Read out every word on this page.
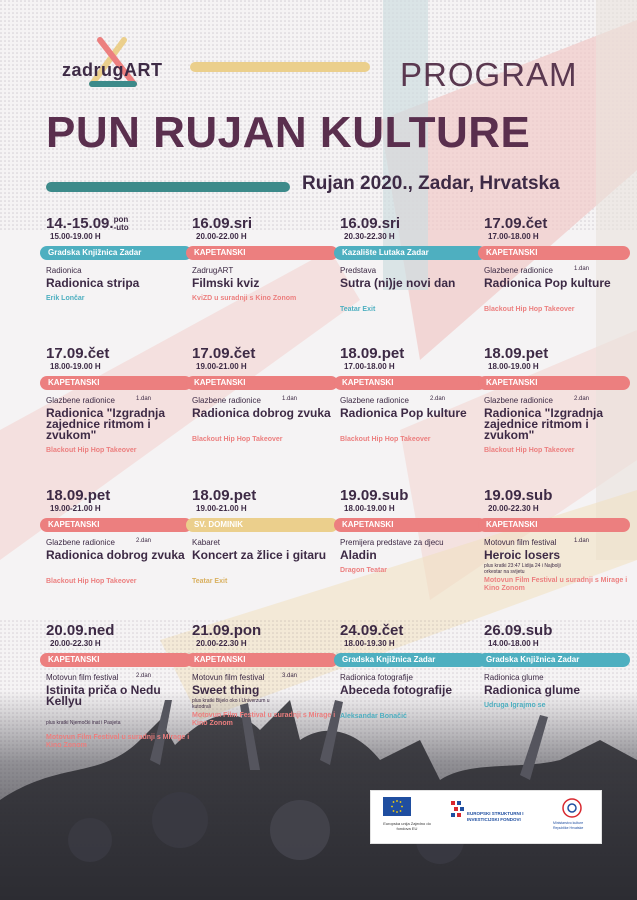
zadrugART	PROGRAM
PUN RUJAN KULTURE
Rujan 2020., Zadar, Hrvatska
14.-15.09.pon
-uto
15.00-19.00 H
Gradska Knjižnica Zadar
Radionica
Radionica stripa
Erik Lončar
16.09.sri
20.00-22.00 H
KAPETANSKI
ZadrugART
Filmski kviz
KviZD u suradnji s Kino Zonom
16.09.sri
20.30-22.30 H
Kazalište Lutaka Zadar
Predstava
Sutra (ni)je novi dan
Teatar Exit
17.09.čet
17.00-18.00 H
KAPETANSKI
Glazbene radionice	1.dan
Radionica Pop kulture
Blackout Hip Hop Takeover
17.09.čet
18.00-19.00 H
KAPETANSKI
Glazbene radionice	1.dan
Radionica "Izgradnja zajednice ritmom i zvukom"
Blackout Hip Hop Takeover
17.09.čet
19.00-21.00 H
KAPETANSKI
Glazbene radionice	1.dan
Radionica dobrog zvuka
Blackout Hip Hop Takeover
18.09.pet
17.00-18.00 H
KAPETANSKI
Glazbene radionice	2.dan
Radionica Pop kulture
Blackout Hip Hop Takeover
18.09.pet
18.00-19.00 H
KAPETANSKI
Glazbene radionice	2.dan
Radionica "Izgradnja zajednice ritmom i zvukom"
Blackout Hip Hop Takeover
18.09.pet
19.00-21.00 H
KAPETANSKI
Glazbene radionice	2.dan
Radionica dobrog zvuka
Blackout Hip Hop Takeover
18.09.pet
19.00-21.00 H
SV. DOMINIK
Kabaret
Koncert za žlice i gitaru
Teatar Exit
19.09.sub
18.00-19.00 H
KAPETANSKI
Premijera predstave za djecu
Aladin
Dragon Teatar
19.09.sub
20.00-22.30 H
KAPETANSKI
Motovun film festival	1.dan
Heroic losers
plus kratki 23:47 Lidija 24 i Najbolji orkestar na svijetu
Motovun Film Festival u suradnji s Mirage i Kino Zonom
20.09.ned
20.00-22.30 H
KAPETANSKI
Motovun film festival	2.dan
Istinita priča o Nedu Kellyu
plus kratki Njemočki inat i Pasjeta
Motovun Film Festival u suradnji s Mirage i Kino Zonom
21.09.pon
20.00-22.30 H
KAPETANSKI
Motovun film festival	3.dan
Sweet thing
plus kratki Bijelo oko i Univerzum u kutodrali
Motovun Film Festival u suradnji s Mirage i Kino Zonom
24.09.čet
18.00-19.30 H
Gradska Knjižnica Zadar
Radionica fotografije
Abeceda fotografije
Aleksandar Bonačić
26.09.sub
14.00-18.00 H
Gradska Knjižnica Zadar
Radionica glume
Radionica glume
Udruga Igrajmo se
Europska unija Zajedno do fondova EU
EUROPSKI STRUKTURNI I INVESTICIJSKI FONDOVI
Ministarstvo kulture Republike Hrvatske
